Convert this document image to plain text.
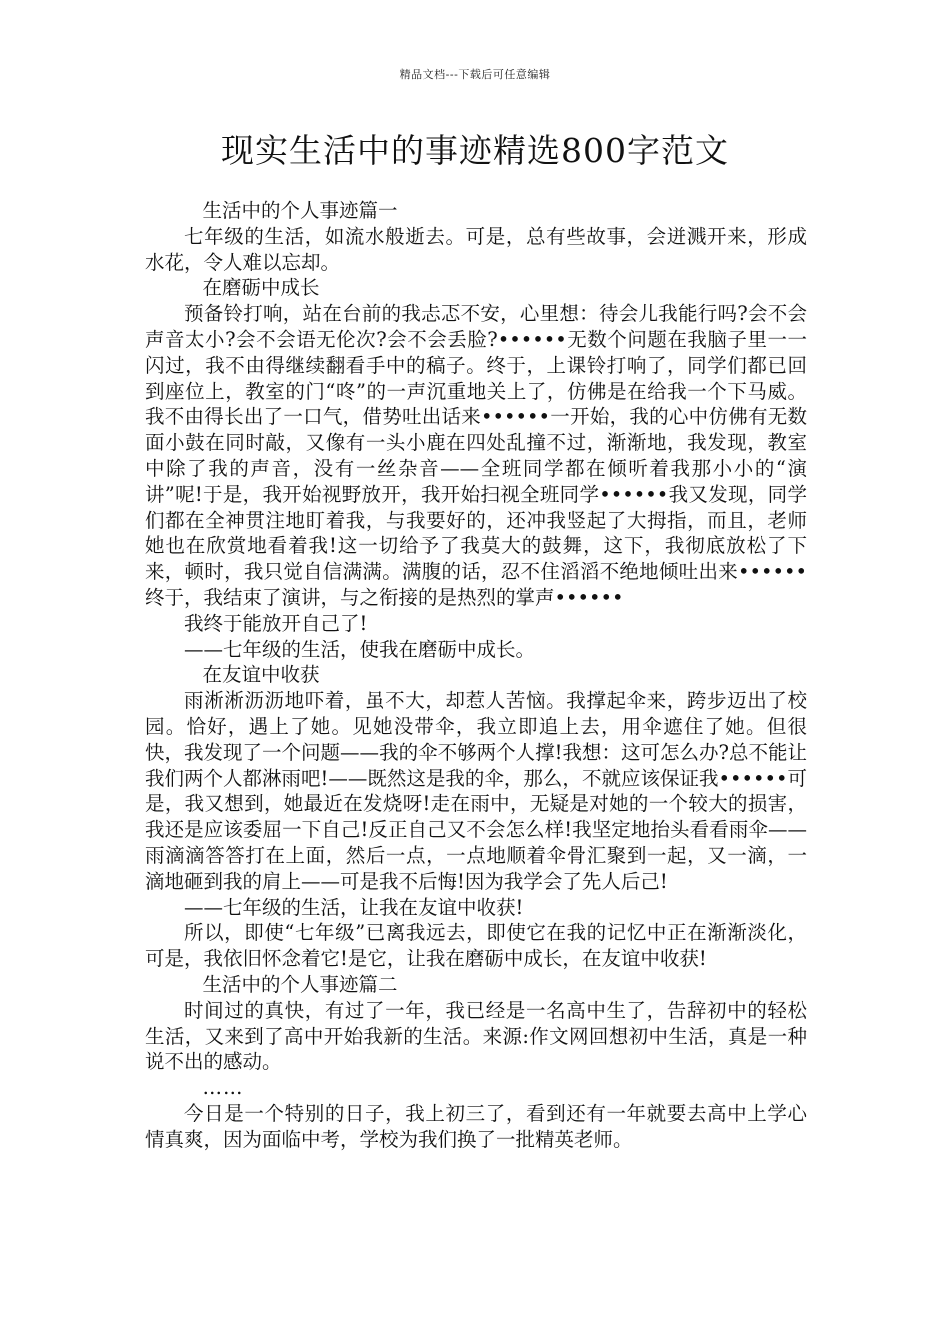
精品文档---下载后可任意编辑
现实生活中的事迹精选800字范文

生活中的个人事迹篇一

七年级的生活，如流水般逝去。可是，总有些故事，会迸溅开来，形成水花，令人难以忘却。

在磨砺中成长

预备铃打响，站在台前的我忐忑不安，心里想：待会儿我能行吗?会不会声音太小?会不会语无伦次?会不会丢脸?••••••无数个问题在我脑子里一一闪过，我不由得继续翻看手中的稿子。终于，上课铃打响了，同学们都已回到座位上，教室的门“咚”的一声沉重地关上了，仿佛是在给我一个下马威。我不由得长出了一口气，借势吐出话来••••••一开始，我的心中仿佛有无数面小鼓在同时敲，又像有一头小鹿在四处乱撞不过，渐渐地，我发现，教室中除了我的声音，没有一丝杂音——全班同学都在倾听着我那小小的“演讲”呢!于是，我开始视野放开，我开始扫视全班同学••••••我又发现，同学们都在全神贯注地盯着我，与我要好的，还冲我竖起了大拇指，而且，老师她也在欣赏地看着我!这一切给予了我莫大的鼓舞，这下，我彻底放松了下来，顿时，我只觉自信满满。满腹的话，忍不住滔滔不绝地倾吐出来••••••终于，我结束了演讲，与之衔接的是热烈的掌声••••••

我终于能放开自己了!

——七年级的生活，使我在磨砺中成长。

在友谊中收获

雨淅淅沥沥地吓着，虽不大，却惹人苦恼。我撑起伞来，跨步迈出了校园。恰好，遇上了她。见她没带伞，我立即追上去，用伞遮住了她。但很快，我发现了一个问题——我的伞不够两个人撑!我想：这可怎么办?总不能让我们两个人都淋雨吧!——既然这是我的伞，那么，不就应该保证我••••••可是，我又想到，她最近在发烧呀!走在雨中，无疑是对她的一个较大的损害，我还是应该委屈一下自己!反正自己又不会怎么样!我坚定地抬头看看雨伞——雨滴滴答答打在上面，然后一点，一点地顺着伞骨汇聚到一起，又一滴，一滴地砸到我的肩上——可是我不后悔!因为我学会了先人后己!

——七年级的生活，让我在友谊中收获!

所以，即使“七年级”已离我远去，即使它在我的记忆中正在渐渐淡化，可是，我依旧怀念着它!是它，让我在磨砺中成长，在友谊中收获!

生活中的个人事迹篇二

时间过的真快，有过了一年，我已经是一名高中生了，告辞初中的轻松生活，又来到了高中开始我新的生活。来源:作文网回想初中生活，真是一种说不出的感动。

……

今日是一个特别的日子，我上初三了，看到还有一年就要去高中上学心情真爽，因为面临中考，学校为我们换了一批精英老师。
